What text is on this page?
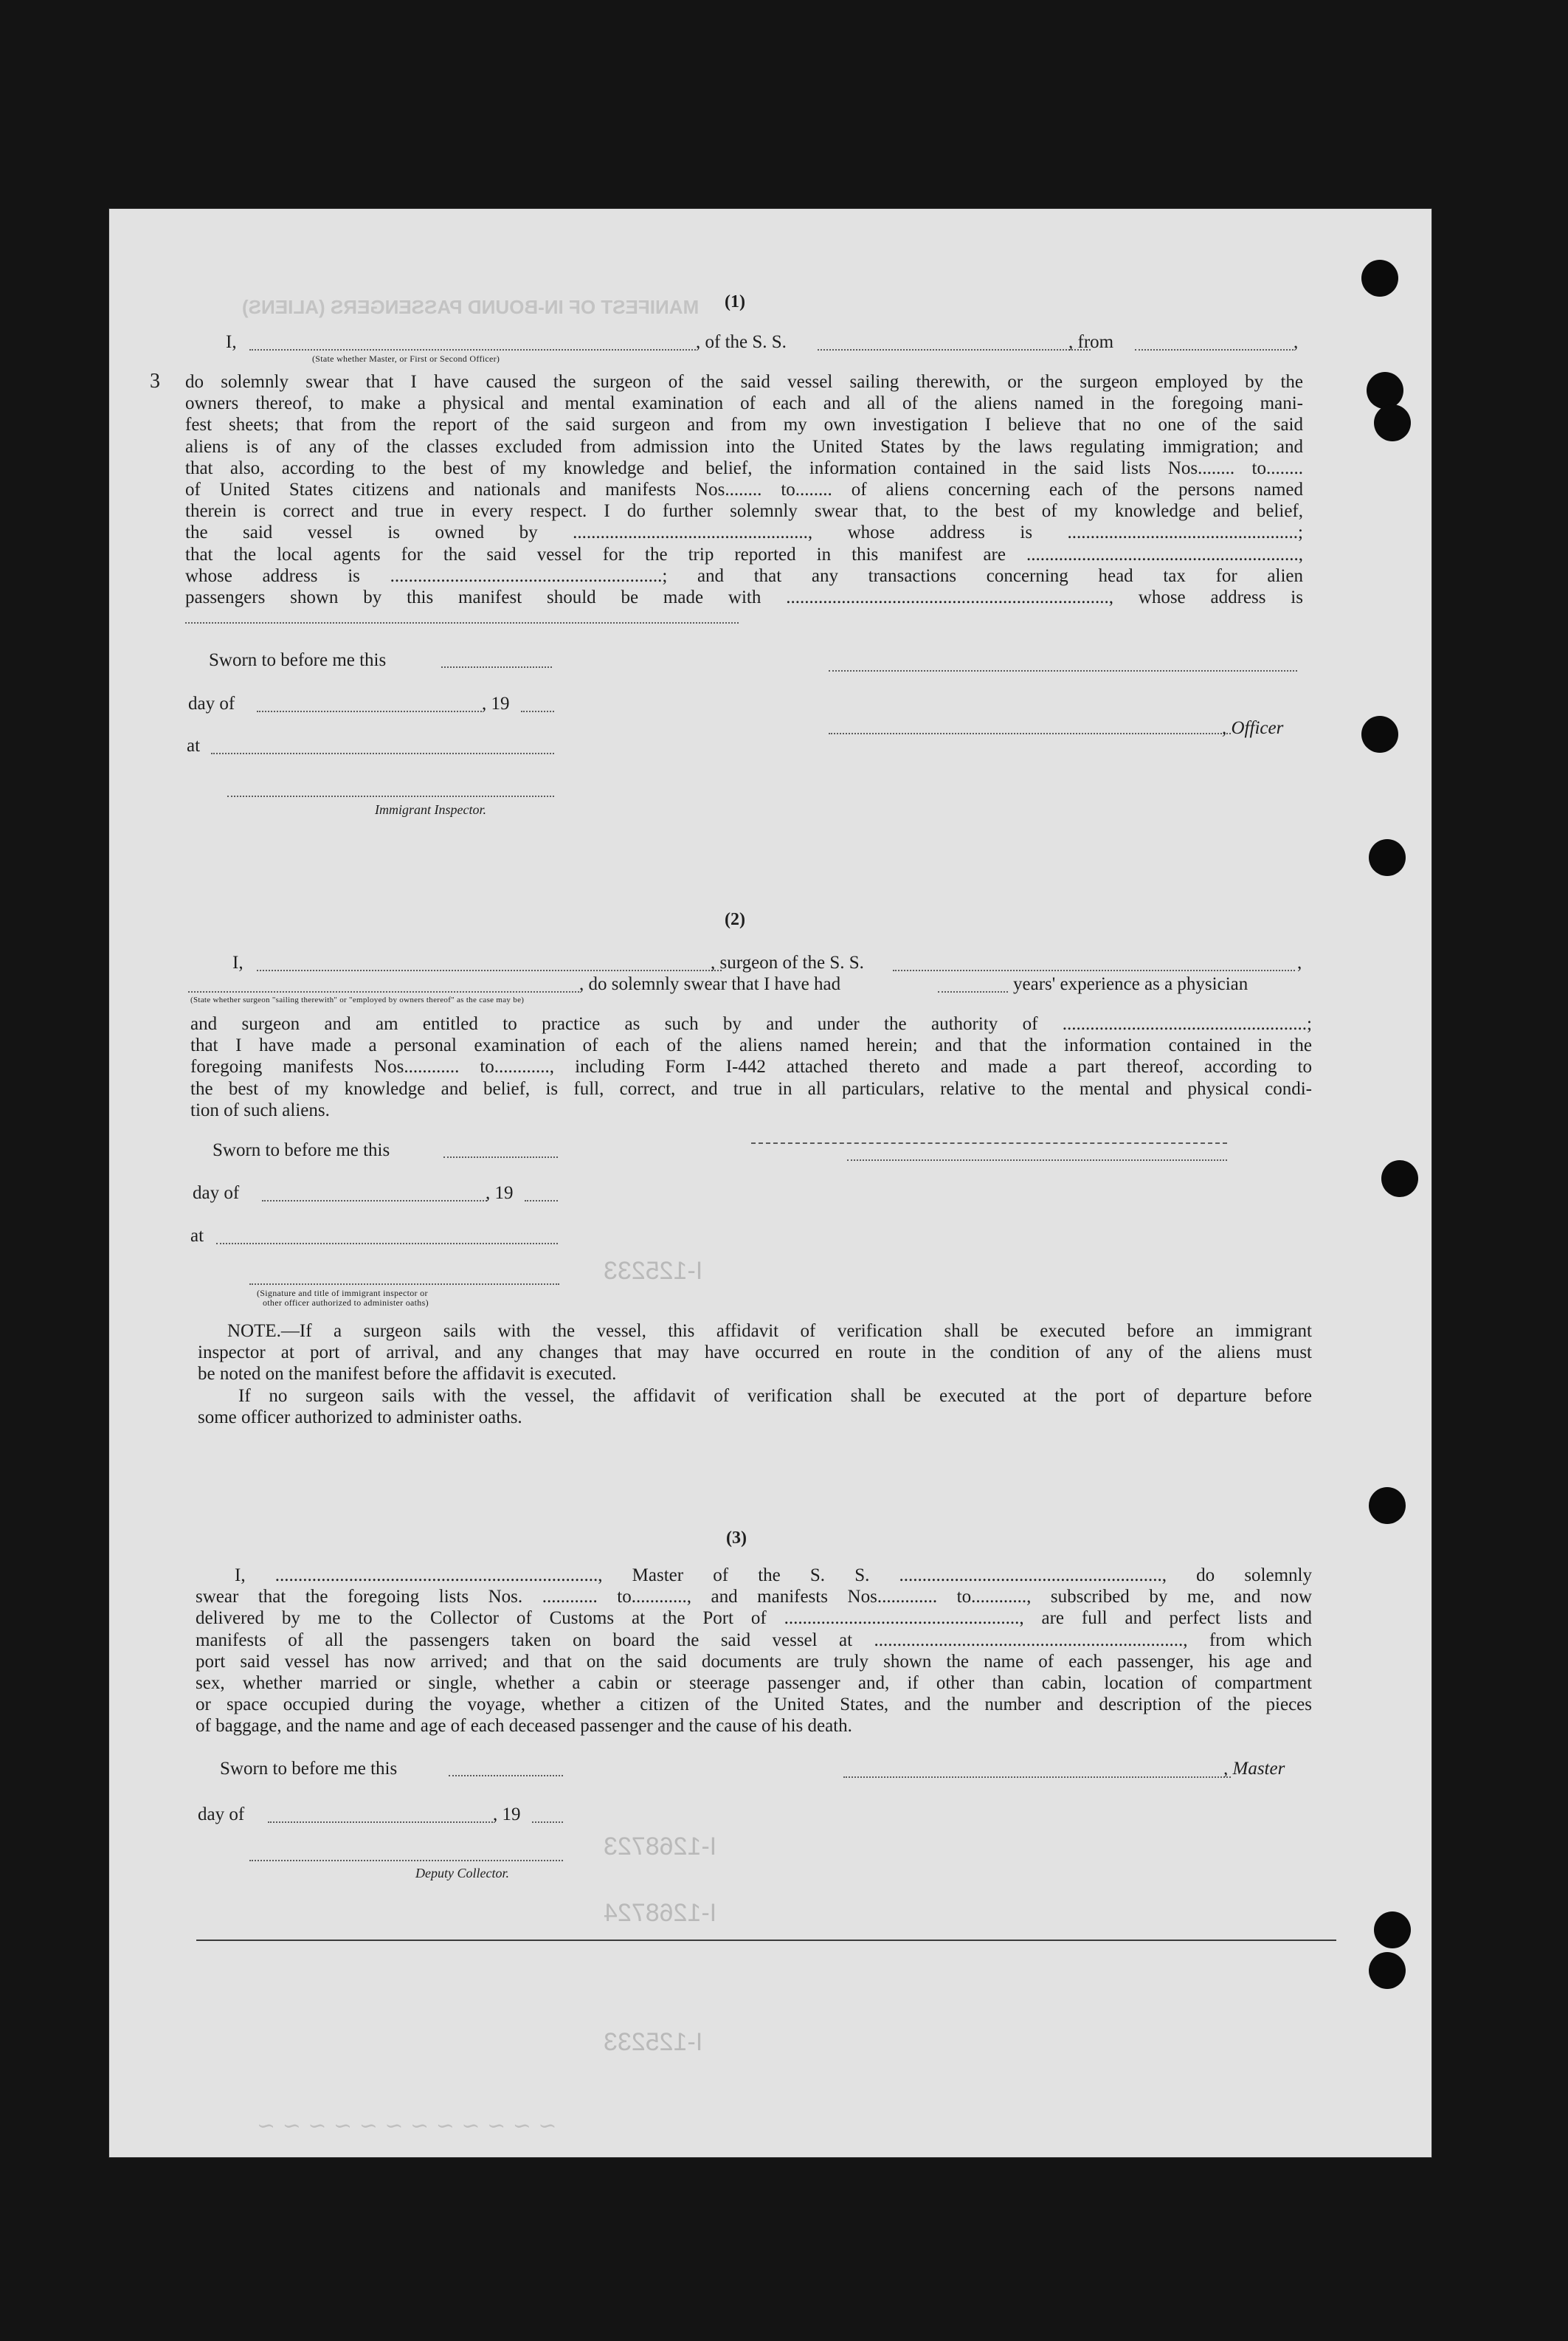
MANIFEST OF IN-BOUND PASSENGERS (ALIENS)
I-125233
I-1268723
I-1268724
I-125233
(1)
I,	, of the S. S.	, from	,
(State whether Master, or First or Second Officer)
3 do solemnly swear that I have caused the surgeon of the said vessel sailing therewith, or the surgeon employed by the
owners thereof, to make a physical and mental examination of each and all of the aliens named in the foregoing mani-
fest sheets; that from the report of the said surgeon and from my own investigation I believe that no one of the said
aliens is of any of the classes excluded from admission into the United States by the laws regulating immigration; and
that also, according to the best of my knowledge and belief, the information contained in the said lists Nos........ to........
of United States citizens and nationals and manifests Nos........ to........ of aliens concerning each of the persons named
therein is correct and true in every respect. I do further solemnly swear that, to the best of my knowledge and belief,
the said vessel is owned by ..................................................., whose address is ..................................................;
that the local agents for the said vessel for the trip reported in this manifest are ...........................................................,
whose address is ...........................................................; and that any transactions concerning head tax for alien
passengers shown by this manifest should be made with ......................................................................, whose address is
Sworn to before me this
day of	, 19
at
Immigrant Inspector.
, Officer
(2)
I,	, surgeon of the S. S.	,
, do solemnly swear that I have had	years' experience as a physician
(State whether surgeon "sailing therewith" or "employed by owners thereof" as the case may be)
and surgeon and am entitled to practice as such by and under the authority of .....................................................;
that I have made a personal examination of each of the aliens named herein; and that the information contained in the
foregoing manifests Nos............ to............, including Form I-442 attached thereto and made a part thereof, according to
the best of my knowledge and belief, is full, correct, and true in all particulars, relative to the mental and physical condi-
tion of such aliens.
Sworn to before me this
day of	, 19
at
(Signature and title of immigrant inspector or
other officer authorized to administer oaths)
NOTE.—If a surgeon sails with the vessel, this affidavit of verification shall be executed before an immigrant
inspector at port of arrival, and any changes that may have occurred en route in the condition of any of the aliens must
be noted on the manifest before the affidavit is executed.
If no surgeon sails with the vessel, the affidavit of verification shall be executed at the port of departure before
some officer authorized to administer oaths.
(3)
I, ......................................................................, Master of the S. S. ........................................................., do solemnly
swear that the foregoing lists Nos. ............ to............, and manifests Nos............. to............, subscribed by me, and now
delivered by me to the Collector of Customs at the Port of ..................................................., are full and perfect lists and
manifests of all the passengers taken on board the said vessel at ..................................................................., from which
port said vessel has now arrived; and that on the said documents are truly shown the name of each passenger, his age and
sex, whether married or single, whether a cabin or steerage passenger and, if other than cabin, location of compartment
or space occupied during the voyage, whether a citizen of the United States, and the number and description of the pieces
of baggage, and the name and age of each deceased passenger and the cause of his death.
Sworn to before me this
day of	, 19
Deputy Collector.
, Master
~ ~ ~ ~ ~ ~ ~ ~ ~ ~ ~ ~
